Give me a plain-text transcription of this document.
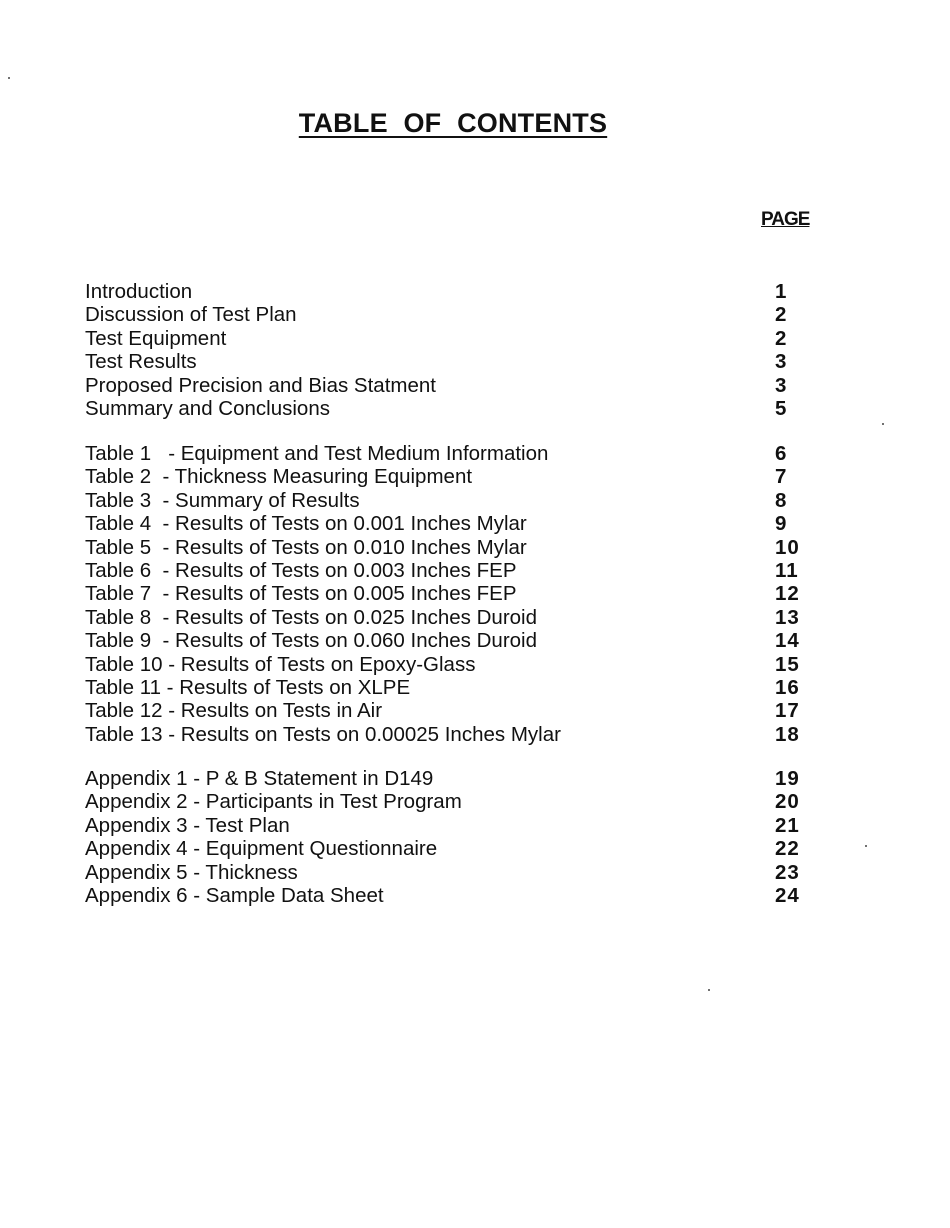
TABLE OF CONTENTS
PAGE
Introduction	1
Discussion of Test Plan	2
Test Equipment	2
Test Results	3
Proposed Precision and Bias Statment	3
Summary and Conclusions	5
Table 1   - Equipment and Test Medium Information	6
Table 2  - Thickness Measuring Equipment	7
Table 3  - Summary of Results	8
Table 4  - Results of Tests on 0.001 Inches Mylar	9
Table 5  - Results of Tests on 0.010 Inches Mylar	10
Table 6  - Results of Tests on 0.003 Inches FEP	11
Table 7  - Results of Tests on 0.005 Inches FEP	12
Table 8  - Results of Tests on 0.025 Inches Duroid	13
Table 9  - Results of Tests on 0.060 Inches Duroid	14
Table 10 - Results of Tests on Epoxy-Glass	15
Table 11 - Results of Tests on XLPE	16
Table 12 - Results on Tests in Air	17
Table 13 - Results on Tests on 0.00025 Inches Mylar	18
Appendix 1 - P & B Statement in D149	19
Appendix 2 - Participants in Test Program	20
Appendix 3 - Test Plan	21
Appendix 4 - Equipment Questionnaire	22
Appendix 5 - Thickness	23
Appendix 6 - Sample Data Sheet	24
